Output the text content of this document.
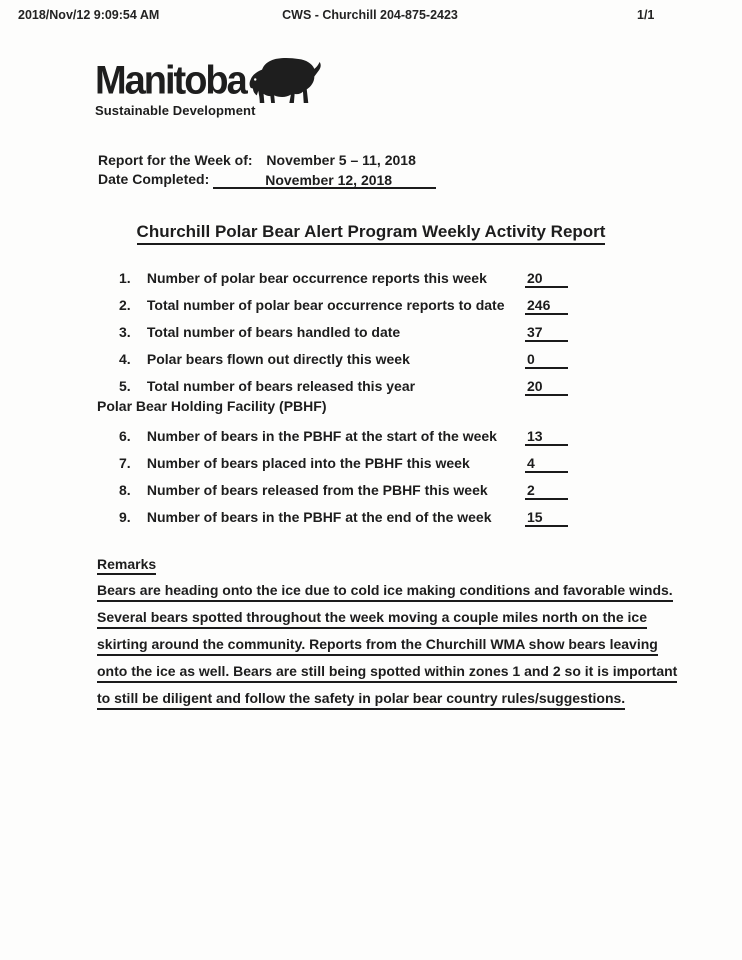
2018/Nov/12 9:09:54 AM	CWS - Churchill 204-875-2423	1/1
Manitoba
Sustainable Development
Report for the Week of: November 5 – 11, 2018
Date Completed:	November 12, 2018
Churchill Polar Bear Alert Program Weekly Activity Report
1. Number of polar bear occurrence reports this week	20
2. Total number of polar bear occurrence reports to date 246
3. Total number of bears handled to date	37
4. Polar bears flown out directly this week	0
5. Total number of bears released this year	20
Polar Bear Holding Facility (PBHF)
6. Number of bears in the PBHF at the start of the week 13
7. Number of bears placed into the PBHF this week	4
8. Number of bears released from the PBHF this week	2
9. Number of bears in the PBHF at the end of the week	15
Remarks
Bears are heading onto the ice due to cold ice making conditions and favorable winds.
Several bears spotted throughout the week moving a couple miles north on the ice
skirting around the community. Reports from the Churchill WMA show bears leaving
onto the ice as well. Bears are still being spotted within zones 1 and 2 so it is important
to still be diligent and follow the safety in polar bear country rules/suggestions.
